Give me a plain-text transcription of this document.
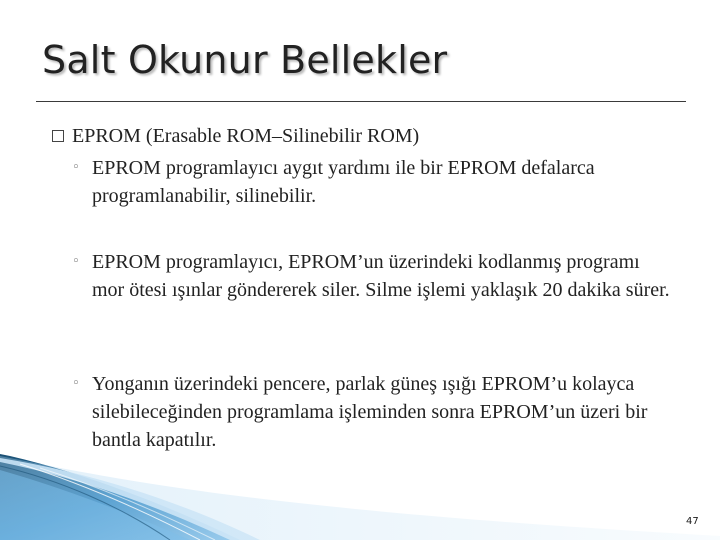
Salt Okunur Bellekler
EPROM (Erasable ROM–Silinebilir ROM)
◦ EPROM programlayıcı aygıt yardımı ile bir EPROM defalarca programlanabilir, silinebilir.
◦ EPROM programlayıcı, EPROM’un üzerindeki kodlanmış programı mor ötesi ışınlar göndererek siler. Silme işlemi yaklaşık 20 dakika sürer.
◦ Yonganın üzerindeki pencere, parlak güneş ışığı EPROM’u kolayca silebileceğinden programlama işleminden sonra EPROM’un üzeri bir bantla kapatılır.
47
